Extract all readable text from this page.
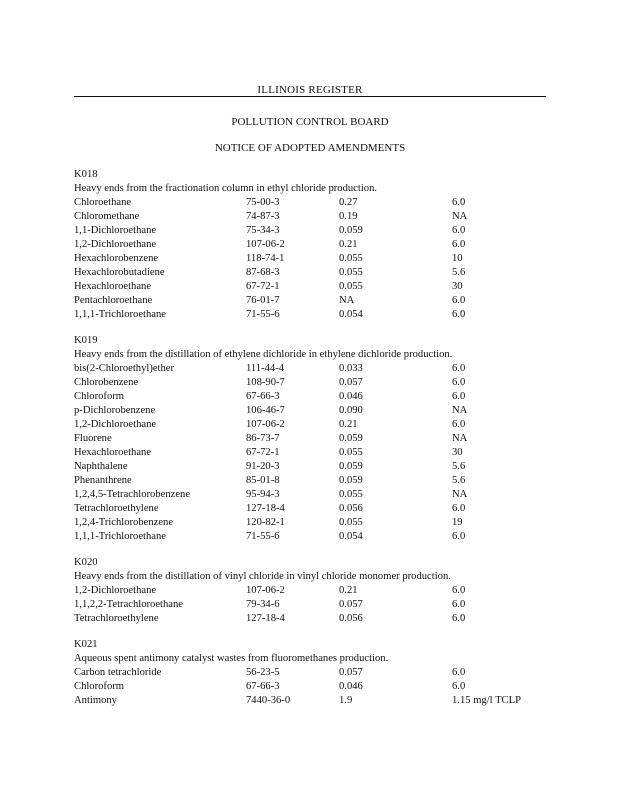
ILLINOIS REGISTER
POLLUTION CONTROL BOARD
NOTICE OF ADOPTED AMENDMENTS
K018
Heavy ends from the fractionation column in ethyl chloride production.
Chloroethane	75-00-3	0.27	6.0
Chloromethane	74-87-3	0.19	NA
1,1-Dichloroethane	75-34-3	0.059	6.0
1,2-Dichloroethane	107-06-2	0.21	6.0
Hexachlorobenzene	118-74-1	0.055	10
Hexachlorobutadiene	87-68-3	0.055	5.6
Hexachloroethane	67-72-1	0.055	30
Pentachloroethane	76-01-7	NA	6.0
1,1,1-Trichloroethane	71-55-6	0.054	6.0
K019
Heavy ends from the distillation of ethylene dichloride in ethylene dichloride production.
bis(2-Chloroethyl)ether	111-44-4	0.033	6.0
Chlorobenzene	108-90-7	0.057	6.0
Chloroform	67-66-3	0.046	6.0
p-Dichlorobenzene	106-46-7	0.090	NA
1,2-Dichloroethane	107-06-2	0.21	6.0
Fluorene	86-73-7	0.059	NA
Hexachloroethane	67-72-1	0.055	30
Naphthalene	91-20-3	0.059	5.6
Phenanthrene	85-01-8	0.059	5.6
1,2,4,5-Tetrachlorobenzene	95-94-3	0.055	NA
Tetrachloroethylene	127-18-4	0.056	6.0
1,2,4-Trichlorobenzene	120-82-1	0.055	19
1,1,1-Trichloroethane	71-55-6	0.054	6.0
K020
Heavy ends from the distillation of vinyl chloride in vinyl chloride monomer production.
1,2-Dichloroethane	107-06-2	0.21	6.0
1,1,2,2-Tetrachloroethane	79-34-6	0.057	6.0
Tetrachloroethylene	127-18-4	0.056	6.0
K021
Aqueous spent antimony catalyst wastes from fluoromethanes production.
Carbon tetrachloride	56-23-5	0.057	6.0
Chloroform	67-66-3	0.046	6.0
Antimony	7440-36-0	1.9	1.15 mg/l TCLP
